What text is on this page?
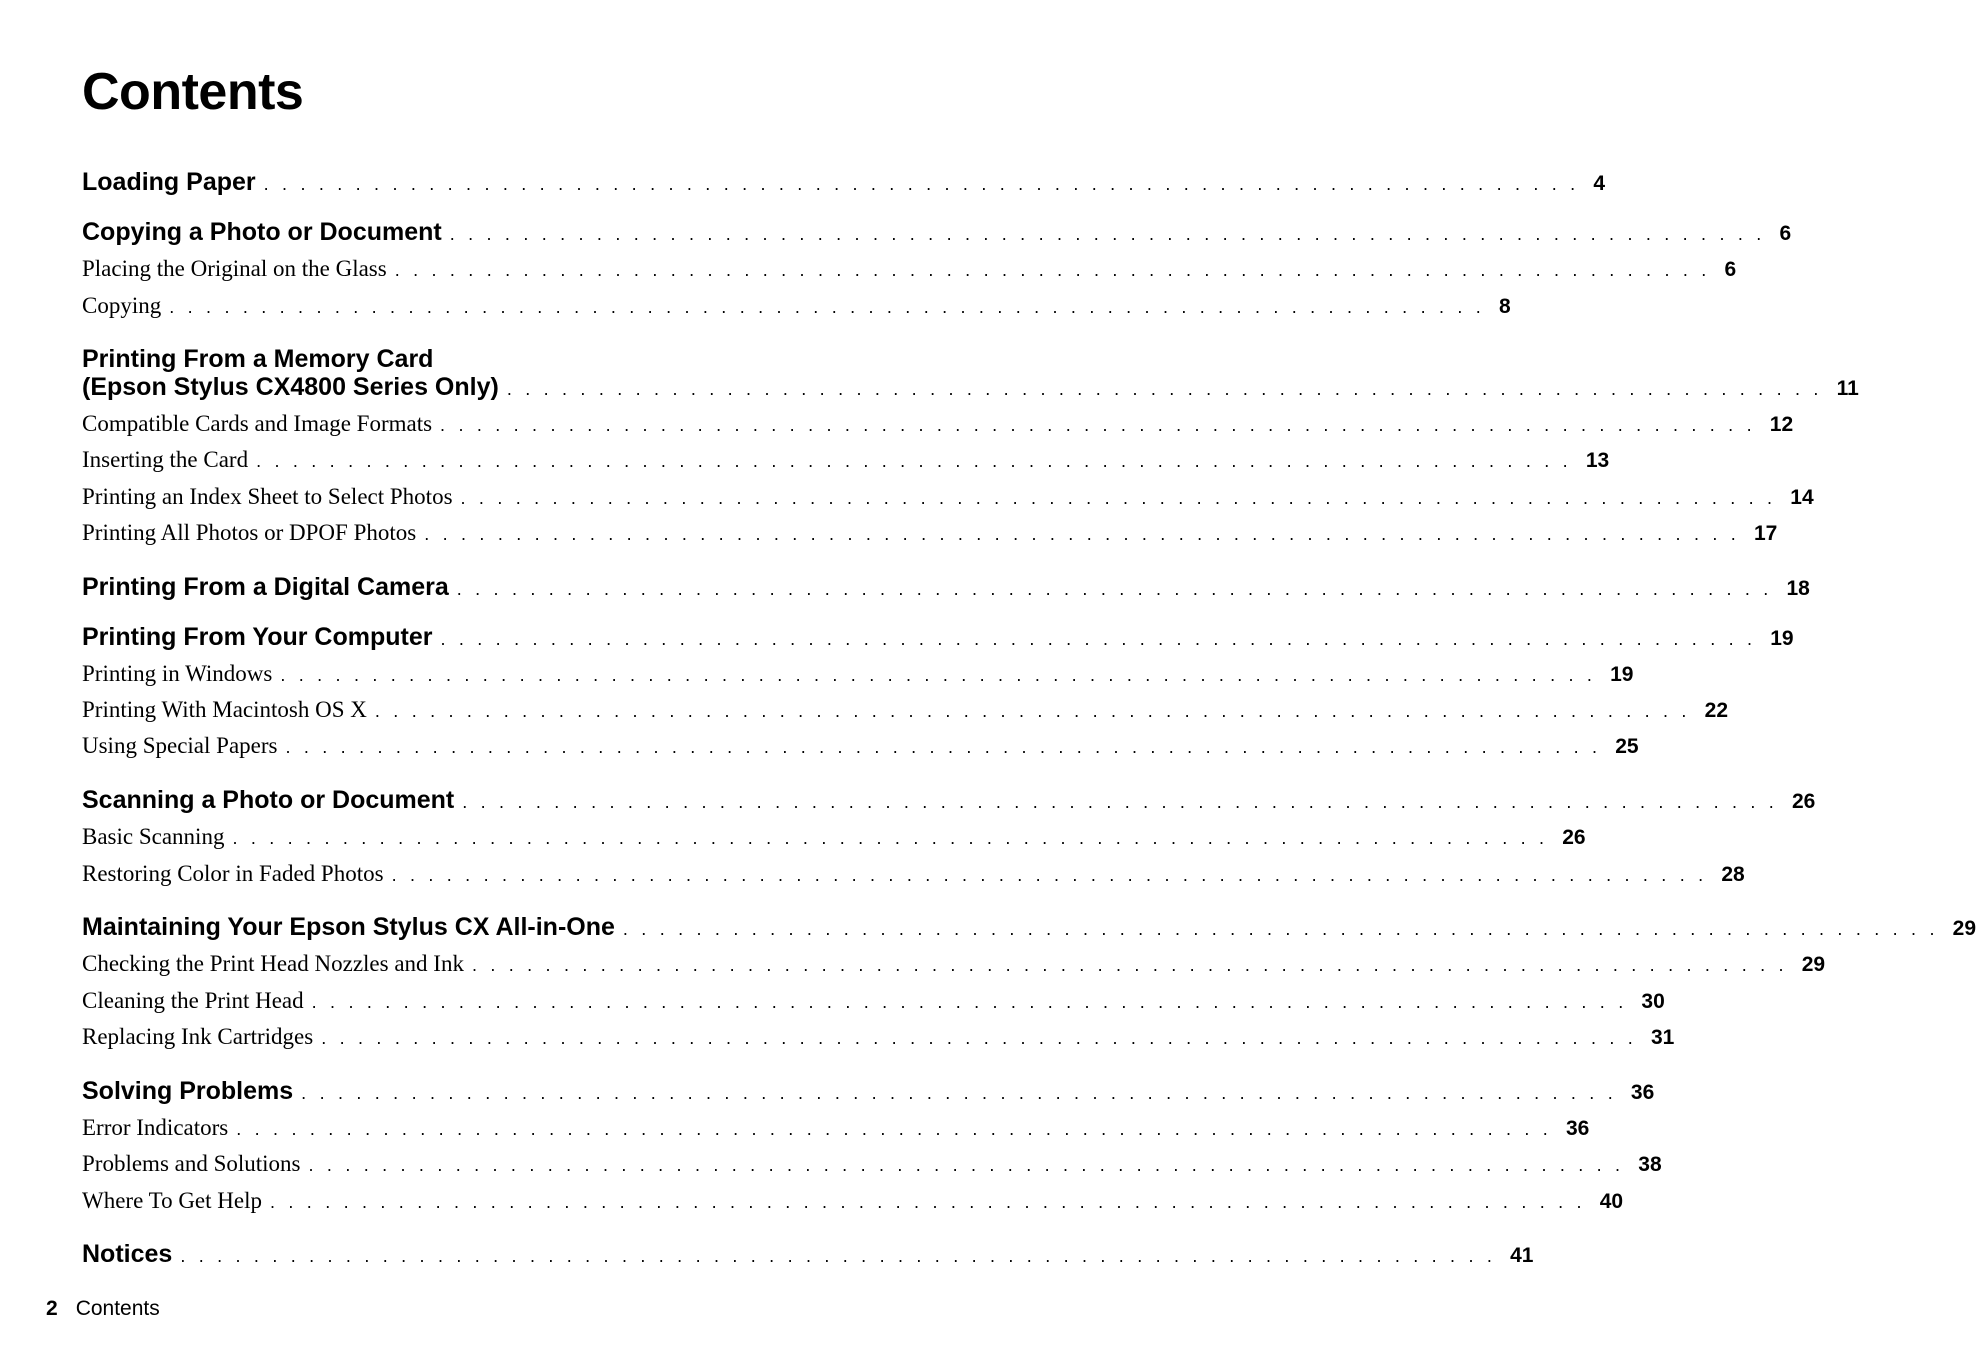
Contents
Loading Paper . . . . . . . . . . . . . . . . . . . . . . . . . . . . . . . . . . . . . . . . . . . . . . . . . . . . . . . . . . . . . . . . . . . . . . . . 4
Copying a Photo or Document . . . . . . . . . . . . . . . . . . . . . . . . . . . . . . . . . . . . . . . . . . . . . . . . . . . . . . . . . . . . . . . . . . . . . . . . 6
Placing the Original on the Glass . . . . . . . . . . . . . . . . . . . . . . . . . . . . . . . . . . . . . . . . . . . . . . . . . . . . . . . . . . . . . . . . . . . . . . . . 6
Copying . . . . . . . . . . . . . . . . . . . . . . . . . . . . . . . . . . . . . . . . . . . . . . . . . . . . . . . . . . . . . . . . . . . . . . . . 8
Printing From a Memory Card
(Epson Stylus CX4800 Series Only) . . . . . . . . . . . . . . . . . . . . . . . . . . . . . . . . . . . . . . . . . . . . . . . . . . . . . . . . . . . . . . . . . . . . . . . . 11
Compatible Cards and Image Formats . . . . . . . . . . . . . . . . . . . . . . . . . . . . . . . . . . . . . . . . . . . . . . . . . . . . . . . . . . . . . . . . . . . . . . . . 12
Inserting the Card . . . . . . . . . . . . . . . . . . . . . . . . . . . . . . . . . . . . . . . . . . . . . . . . . . . . . . . . . . . . . . . . . . . . . . . . 13
Printing an Index Sheet to Select Photos . . . . . . . . . . . . . . . . . . . . . . . . . . . . . . . . . . . . . . . . . . . . . . . . . . . . . . . . . . . . . . . . . . . . . . . . 14
Printing All Photos or DPOF Photos . . . . . . . . . . . . . . . . . . . . . . . . . . . . . . . . . . . . . . . . . . . . . . . . . . . . . . . . . . . . . . . . . . . . . . . . 17
Printing From a Digital Camera . . . . . . . . . . . . . . . . . . . . . . . . . . . . . . . . . . . . . . . . . . . . . . . . . . . . . . . . . . . . . . . . . . . . . . . . 18
Printing From Your Computer . . . . . . . . . . . . . . . . . . . . . . . . . . . . . . . . . . . . . . . . . . . . . . . . . . . . . . . . . . . . . . . . . . . . . . . . 19
Printing in Windows . . . . . . . . . . . . . . . . . . . . . . . . . . . . . . . . . . . . . . . . . . . . . . . . . . . . . . . . . . . . . . . . . . . . . . . . 19
Printing With Macintosh OS X . . . . . . . . . . . . . . . . . . . . . . . . . . . . . . . . . . . . . . . . . . . . . . . . . . . . . . . . . . . . . . . . . . . . . . . . 22
Using Special Papers . . . . . . . . . . . . . . . . . . . . . . . . . . . . . . . . . . . . . . . . . . . . . . . . . . . . . . . . . . . . . . . . . . . . . . . . 25
Scanning a Photo or Document . . . . . . . . . . . . . . . . . . . . . . . . . . . . . . . . . . . . . . . . . . . . . . . . . . . . . . . . . . . . . . . . . . . . . . . . 26
Basic Scanning . . . . . . . . . . . . . . . . . . . . . . . . . . . . . . . . . . . . . . . . . . . . . . . . . . . . . . . . . . . . . . . . . . . . . . . . 26
Restoring Color in Faded Photos . . . . . . . . . . . . . . . . . . . . . . . . . . . . . . . . . . . . . . . . . . . . . . . . . . . . . . . . . . . . . . . . . . . . . . . . 28
Maintaining Your Epson Stylus CX All-in-One . . . . . . . . . . . . . . . . . . . . . . . . . . . . . . . . . . . . . . . . . . . . . . . . . . . . . . . . . . . . . . . . . . . . . . . . 29
Checking the Print Head Nozzles and Ink . . . . . . . . . . . . . . . . . . . . . . . . . . . . . . . . . . . . . . . . . . . . . . . . . . . . . . . . . . . . . . . . . . . . . . . . 29
Cleaning the Print Head . . . . . . . . . . . . . . . . . . . . . . . . . . . . . . . . . . . . . . . . . . . . . . . . . . . . . . . . . . . . . . . . . . . . . . . . 30
Replacing Ink Cartridges . . . . . . . . . . . . . . . . . . . . . . . . . . . . . . . . . . . . . . . . . . . . . . . . . . . . . . . . . . . . . . . . . . . . . . . . 31
Solving Problems . . . . . . . . . . . . . . . . . . . . . . . . . . . . . . . . . . . . . . . . . . . . . . . . . . . . . . . . . . . . . . . . . . . . . . . . 36
Error Indicators . . . . . . . . . . . . . . . . . . . . . . . . . . . . . . . . . . . . . . . . . . . . . . . . . . . . . . . . . . . . . . . . . . . . . . . . 36
Problems and Solutions . . . . . . . . . . . . . . . . . . . . . . . . . . . . . . . . . . . . . . . . . . . . . . . . . . . . . . . . . . . . . . . . . . . . . . . . 38
Where To Get Help . . . . . . . . . . . . . . . . . . . . . . . . . . . . . . . . . . . . . . . . . . . . . . . . . . . . . . . . . . . . . . . . . . . . . . . . 40
Notices . . . . . . . . . . . . . . . . . . . . . . . . . . . . . . . . . . . . . . . . . . . . . . . . . . . . . . . . . . . . . . . . . . . . . . . . 41
2 Contents
